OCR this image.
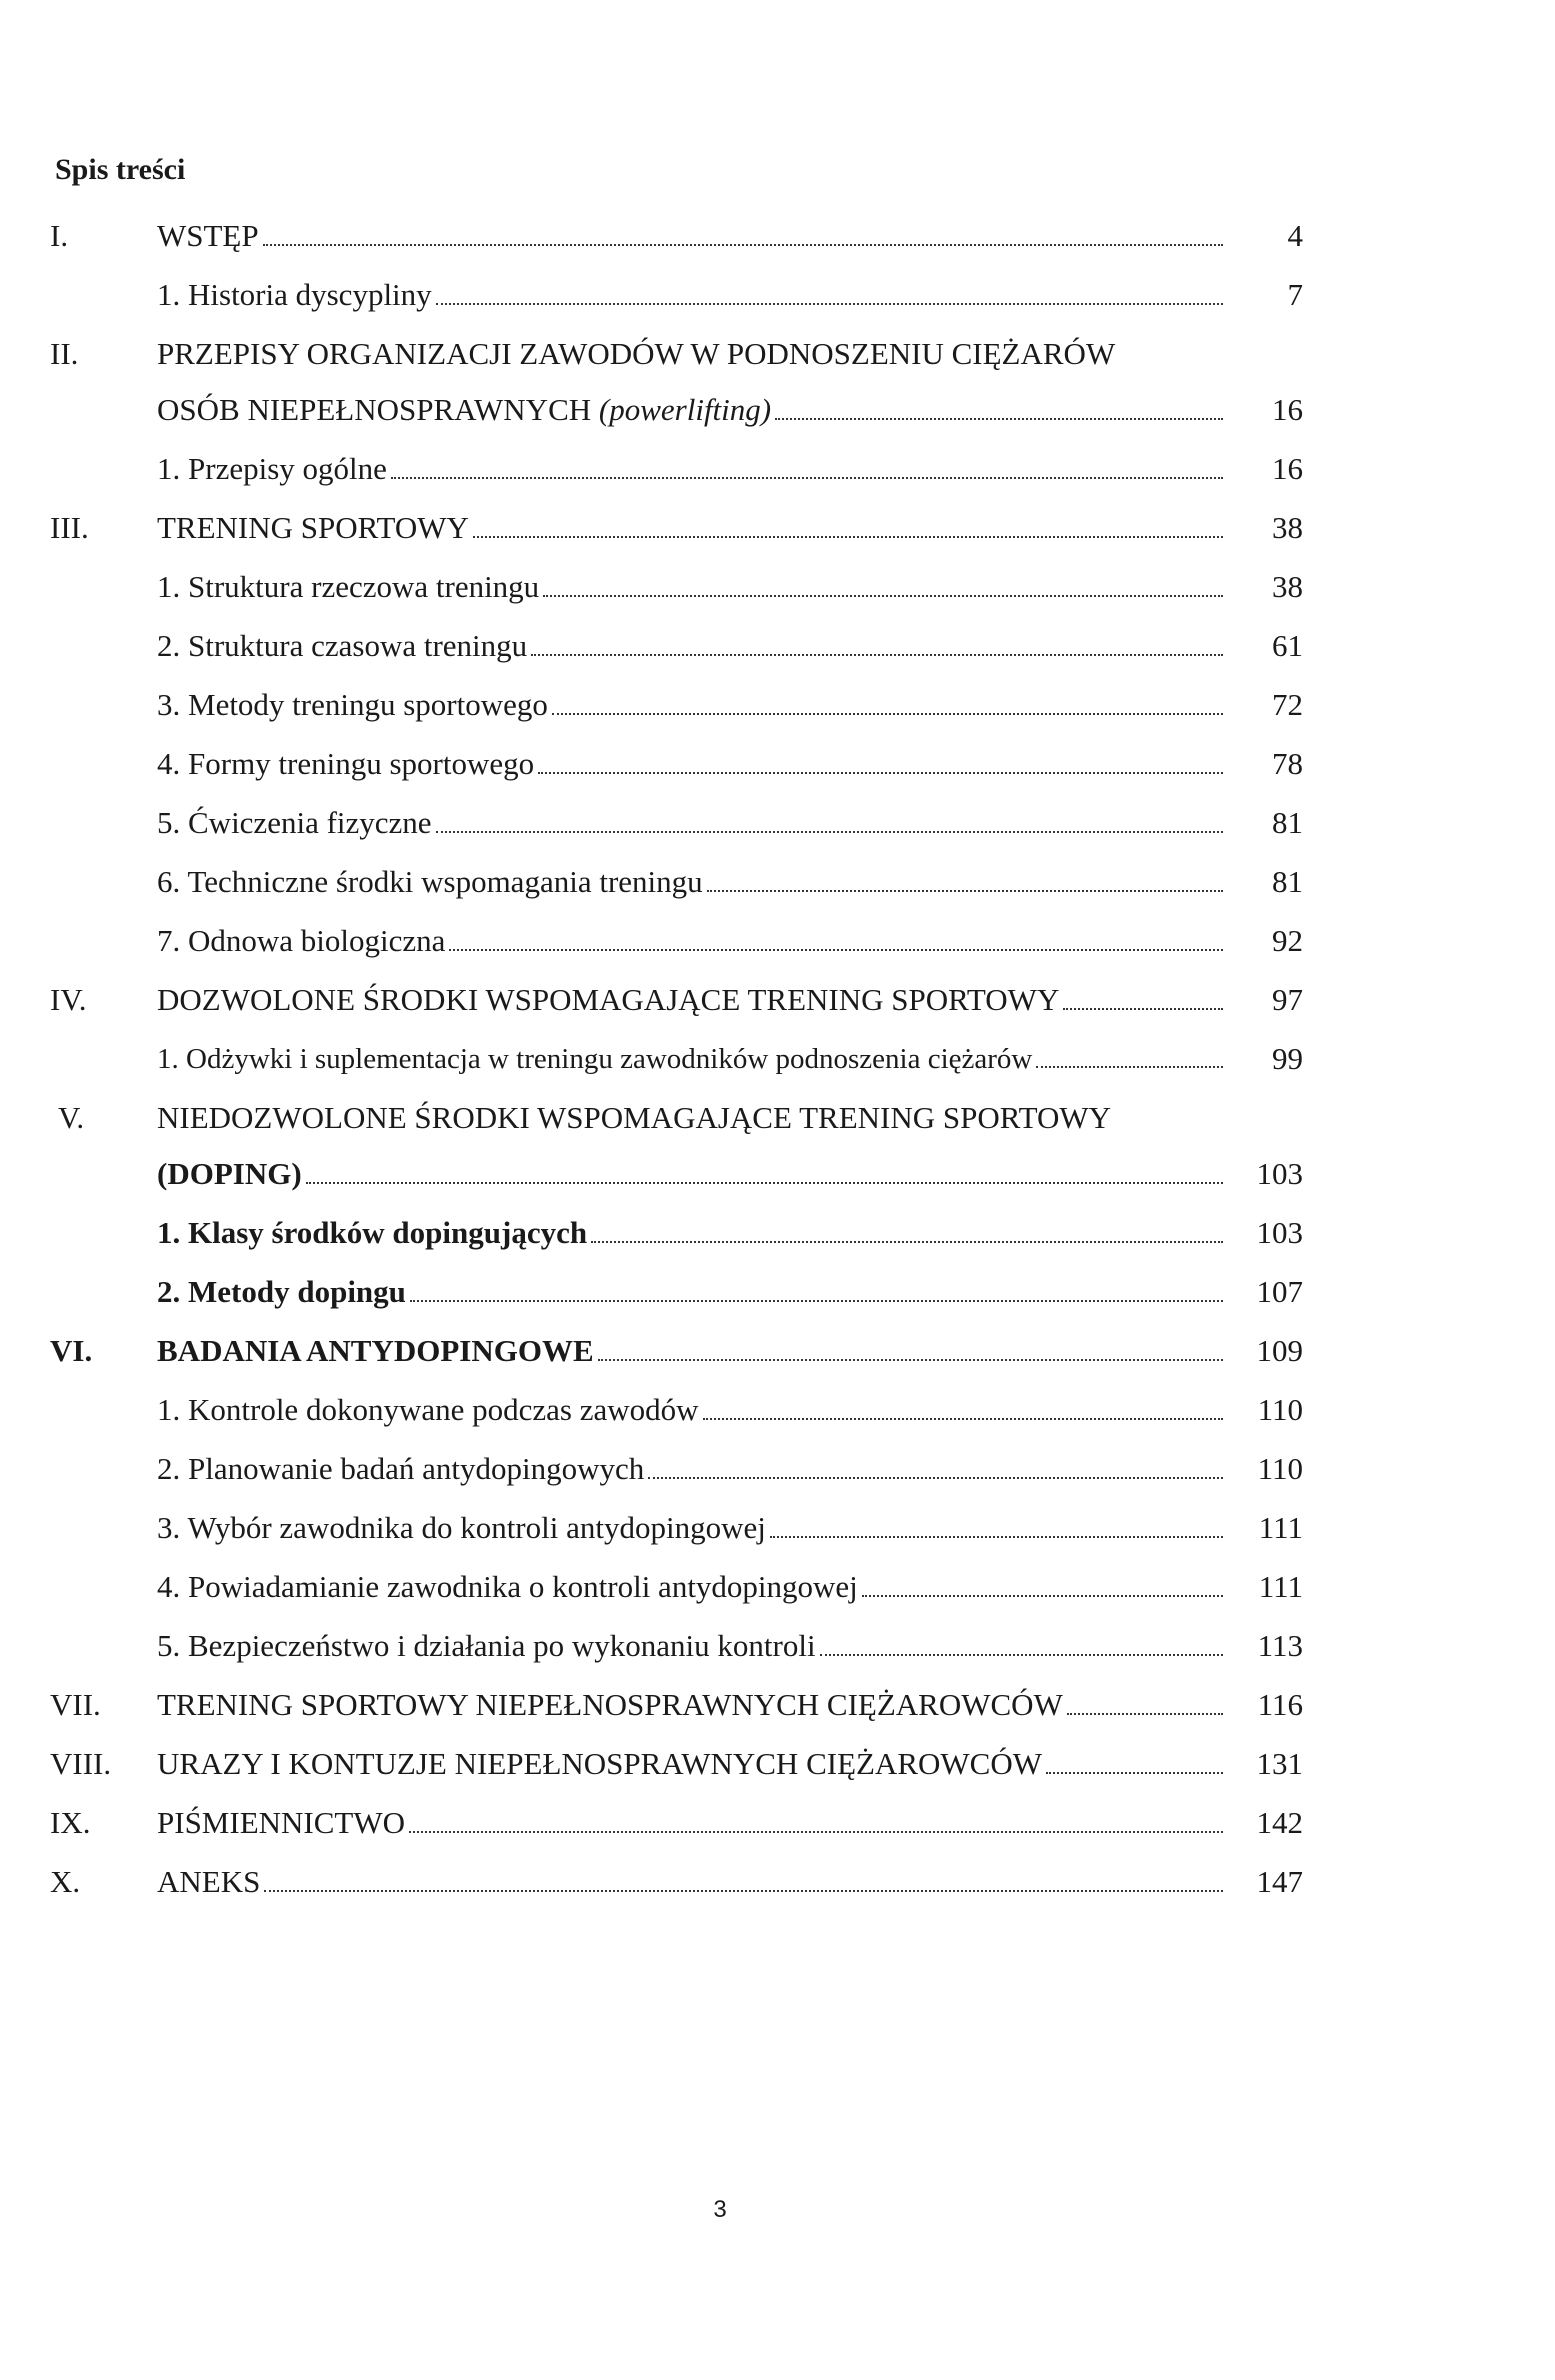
Spis treści
I.	WSTĘP	4
1. Historia dyscypliny	7
II.	PRZEPISY ORGANIZACJI ZAWODÓW W PODNOSZENIU CIĘŻARÓW
OSÓB NIEPEŁNOSPRAWNYCH (powerlifting)	16
1. Przepisy ogólne	16
III.	TRENING SPORTOWY	38
1. Struktura rzeczowa treningu	38
2. Struktura czasowa treningu	61
3. Metody treningu sportowego	72
4. Formy treningu sportowego	78
5. Ćwiczenia fizyczne	81
6. Techniczne środki wspomagania treningu	81
7. Odnowa biologiczna	92
IV.	DOZWOLONE ŚRODKI WSPOMAGAJĄCE TRENING SPORTOWY	97
1. Odżywki i suplementacja w treningu zawodników podnoszenia ciężarów	99
V.	NIEDOZWOLONE ŚRODKI WSPOMAGAJĄCE TRENING SPORTOWY
(DOPING)	103
1. Klasy środków dopingujących	103
2. Metody dopingu	107
VI.	BADANIA ANTYDOPINGOWE	109
1. Kontrole dokonywane podczas zawodów	110
2. Planowanie badań antydopingowych	110
3. Wybór zawodnika do kontroli antydopingowej	111
4. Powiadamianie zawodnika o kontroli antydopingowej	111
5. Bezpieczeństwo i działania po wykonaniu kontroli	113
VII.	TRENING SPORTOWY NIEPEŁNOSPRAWNYCH CIĘŻAROWCÓW	116
VIII.	URAZY I KONTUZJE NIEPEŁNOSPRAWNYCH CIĘŻAROWCÓW	131
IX.	PIŚMIENNICTWO	142
X.	ANEKS	147
3
